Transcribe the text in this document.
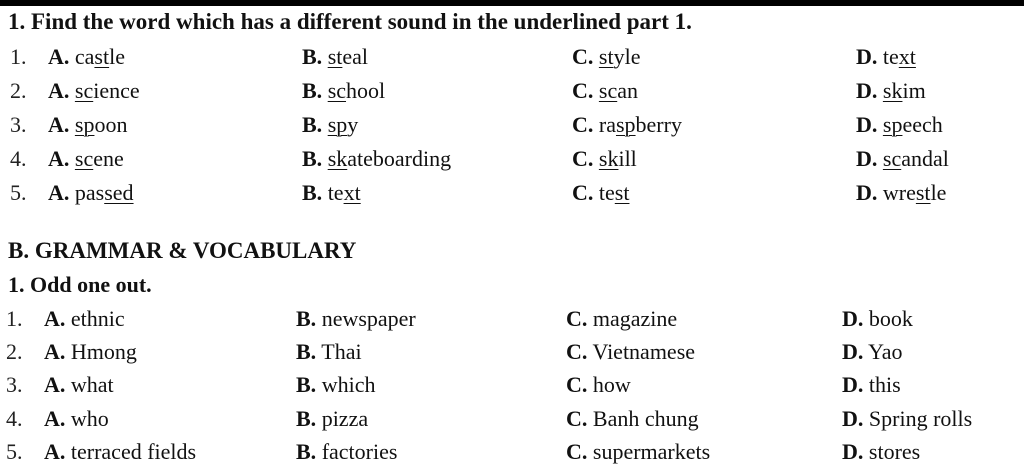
1. Find the word which has a different sound in the underlined part 1.
1. A. castle	B. steal	C. style	D. text
2. A. science	B. school	C. scan	D. skim
3. A. spoon	B. spy	C. raspberry	D. speech
4. A. scene	B. skateboarding	C. skill	D. scandal
5. A. passed	B. text	C. test	D. wrestle
B. GRAMMAR & VOCABULARY
1. Odd one out.
1. A. ethnic	B. newspaper	C. magazine	D. book
2. A. Hmong	B. Thai	C. Vietnamese	D. Yao
3. A. what	B. which	C. how	D. this
4. A. who	B. pizza	C. Banh chung	D. Spring rolls
5. A. terraced fields	B. factories	C. supermarkets	D. stores
